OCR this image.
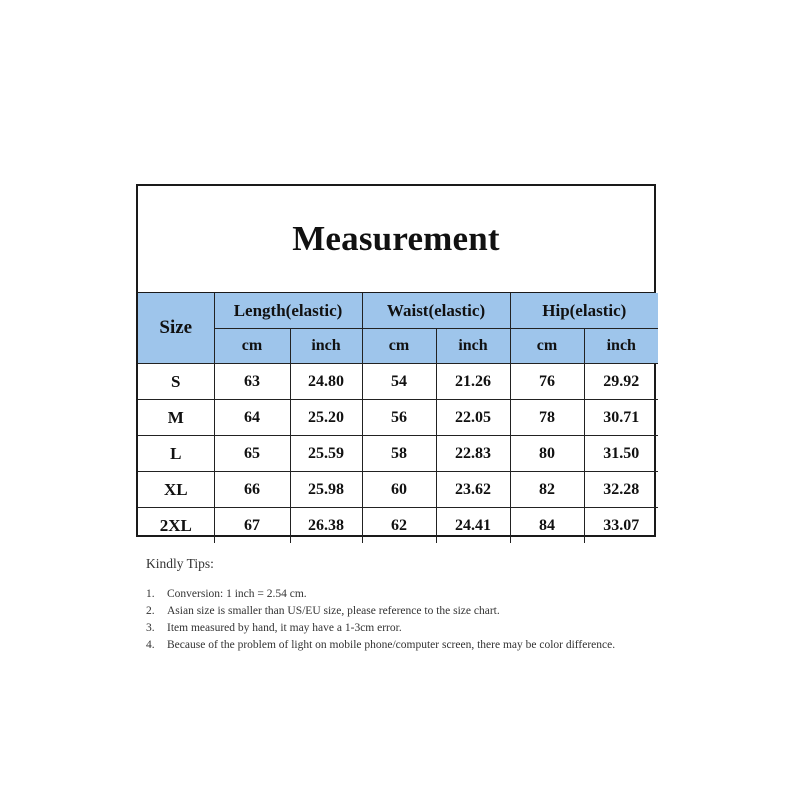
Measurement
Size	Length(elastic)		Waist(elastic)		Hip(elastic)	
	cm	inch	cm	inch	cm	inch
S	63	24.80	54	21.26	76	29.92
M	64	25.20	56	22.05	78	30.71
L	65	25.59	58	22.83	80	31.50
XL	66	25.98	60	23.62	82	32.28
2XL	67	26.38	62	24.41	84	33.07
Kindly Tips:
1.	Conversion: 1 inch = 2.54 cm.
2.	Asian size is smaller than US/EU size, please reference to the size chart.
3.	Item measured by hand, it may have a 1-3cm error.
4.	Because of the problem of light on mobile phone/computer screen, there may be color difference.
